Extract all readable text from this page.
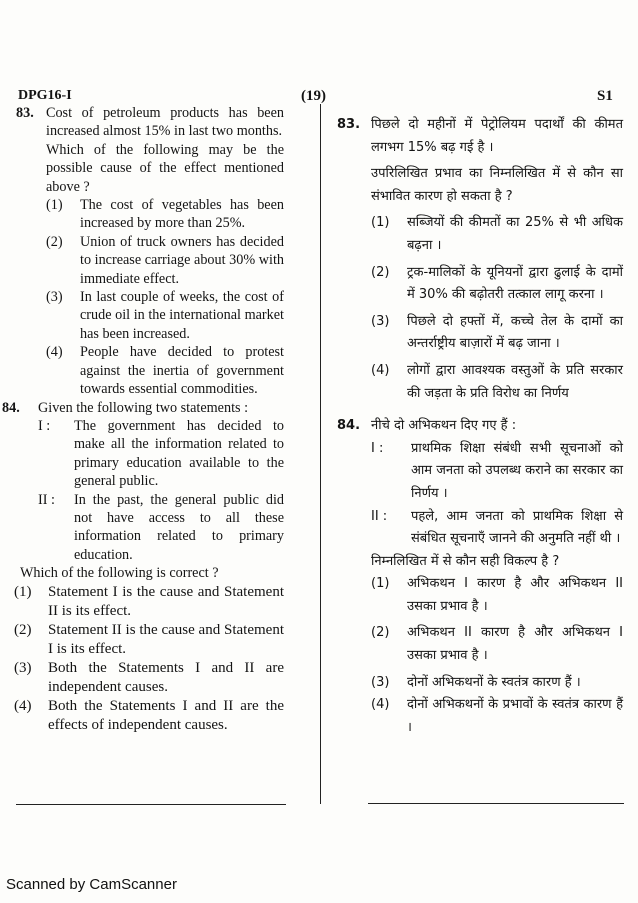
DPG16-I	(19)	S1
83. Cost of petroleum products has been increased almost 15% in last two months.

Which of the following may be the possible cause of the effect mentioned above ?

(1)	The cost of vegetables has been increased by more than 25%.
(2)	Union of truck owners has decided to increase carriage about 30% with immediate effect.
(3)	In last couple of weeks, the cost of crude oil in the international market has been increased.
(4)	People have decided to protest against the inertia of government towards essential commodities.
84.	Given the following two statements :

I :	The government has decided to make all the information related to primary education available to the general public.
II :	In the past, the general public did not have access to all these information related to primary education.

Which of the following is correct ?

(1)	Statement I is the cause and Statement II is its effect.
(2)	Statement II is the cause and Statement I is its effect.
(3)	Both the Statements I and II are independent causes.
(4)	Both the Statements I and II are the effects of independent causes.
83. पिछले दो महीनों में पेट्रोलियम पदार्थों की कीमत लगभग 15% बढ़ गई है ।

उपरिलिखित प्रभाव का निम्नलिखित में से कौन सा संभावित कारण हो सकता है ?

(1)	सब्जियों की कीमतों का 25% से भी अधिक बढ़ना ।
(2)	ट्रक-मालिकों के यूनियनों द्वारा ढुलाई के दामों में 30% की बढ़ोतरी तत्काल लागू करना ।
(3)	पिछले दो हफ्तों में, कच्चे तेल के दामों का अन्तर्राष्ट्रीय बाज़ारों में बढ़ जाना ।
(4)	लोगों द्वारा आवश्यक वस्तुओं के प्रति सरकार की जड़ता के प्रति विरोध का निर्णय
84. नीचे दो अभिकथन दिए गए हैं :

I :	प्राथमिक शिक्षा संबंधी सभी सूचनाओं को आम जनता को उपलब्ध कराने का सरकार का निर्णय ।
II :	पहले, आम जनता को प्राथमिक शिक्षा से संबंधित सूचनाएँ जानने की अनुमति नहीं थी ।

निम्नलिखित में से कौन सही विकल्प है ?

(1)	अभिकथन I कारण है और अभिकथन II उसका प्रभाव है ।
(2)	अभिकथन II कारण है और अभिकथन I उसका प्रभाव है ।
(3)	दोनों अभिकथनों के स्वतंत्र कारण हैं ।
(4)	दोनों अभिकथनों के प्रभावों के स्वतंत्र कारण हैं ।
Scanned by CamScanner
